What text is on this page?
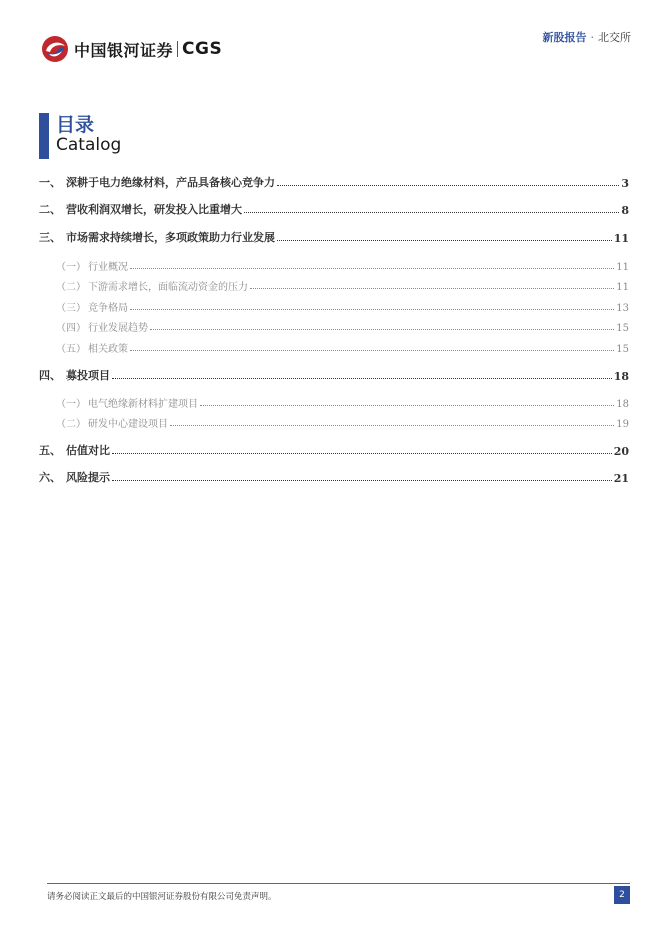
中国银河证券 CGS
新股报告 · 北交所
目录
Catalog
一、 深耕于电力绝缘材料，产品具备核心竞争力	3
二、 营收利润双增长，研发投入比重增大	8
三、 市场需求持续增长，多项政策助力行业发展	11
（一） 行业概况	11
（二） 下游需求增长，面临流动资金的压力	11
（三） 竞争格局	13
（四） 行业发展趋势	15
（五） 相关政策	15
四、 募投项目	18
（一） 电气绝缘新材料扩建项目	18
（二） 研发中心建设项目	19
五、 估值对比	20
六、 风险提示	21
请务必阅读正文最后的中国银河证券股份有限公司免责声明。	2
